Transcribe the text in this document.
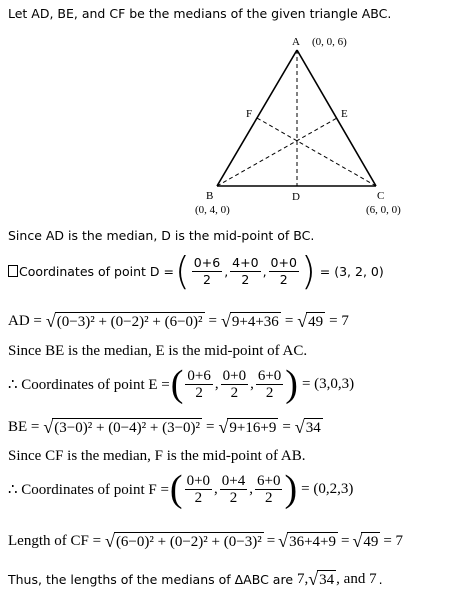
Let AD, BE, and CF be the medians of the given triangle ABC.
A (0, 0, 6)
F	E
B
(0, 4, 0)
D	C
(6, 0, 0)
Since AD is the median, D is the mid-point of BC.
Coordinates of point D = ( $\frac{0+6}{2}$ , $\frac{4+0}{2}$ , $\frac{0+0}{2}$ ) = (3, 2, 0)
AD = √ (0−3)² + (0−2)² + (6−0)² = √ 9+4+36 = √ 49 = 7
Since BE is the median, E is the mid-point of AC.
∴ Coordinates of point E = ( $\frac{0+6}{2}$ , $\frac{0+0}{2}$ , $\frac{6+0}{2}$ ) = (3,0,3)
BE = √ (3−0)² + (0−4)² + (3−0)² = √ 9+16+9 = √ 34
Since CF is the median, F is the mid-point of AB.
∴ Coordinates of point F = ( $\frac{0+0}{2}$ , $\frac{0+4}{2}$ , $\frac{6+0}{2}$ ) = (0,2,3)
Length of CF = √ (6−0)² + (0−2)² + (0−3)² = √ 36+4+9 = √ 49 = 7
Thus, the lengths of the medians of ΔABC are 7, √ 34 , and 7 .
